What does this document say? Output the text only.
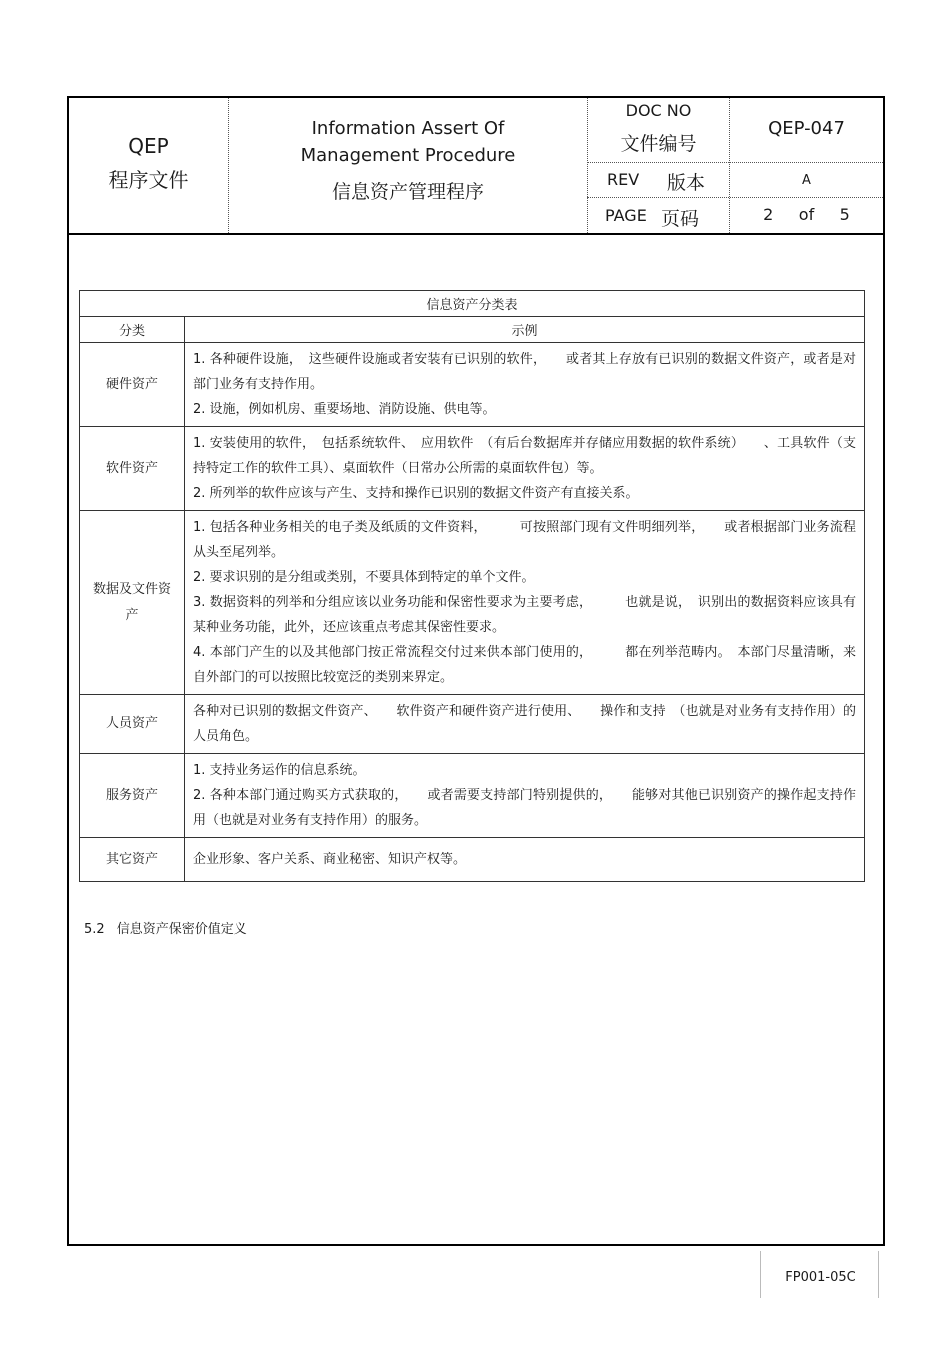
QEP
程序文件
Information Assert Of
Management Procedure
信息资产管理程序
DOC NO
文件编号
QEP-047
REV 版本	A
PAGE 页码	2 of 5
信息资产分类表	
分类	示例
硬件资产	1. 各种硬件设施，　这些硬件设施或者安装有已识别的软件，　　或者其上存放有已识别的数据文件资产，或者是对部门业务有支持作用。
2. 设施，例如机房、重要场地、消防设施、供电等。

软件资产	1. 安装使用的软件，　包括系统软件、　应用软件　（有后台数据库并存储应用数据的软件系统）　　、工具软件（支持特定工作的软件工具）、桌面软件（日常办公所需的桌面软件包）等。
2. 所列举的软件应该与产生、支持和操作已识别的数据文件资产有直接关系。

数据及文件资产	1. 包括各种业务相关的电子类及纸质的文件资料，　　　可按照部门现有文件明细列举，　　或者根据部门业务流程从头至尾列举。
2. 要求识别的是分组或类别，不要具体到特定的单个文件。
3. 数据资料的列举和分组应该以业务功能和保密性要求为主要考虑，　　　也就是说，　识别出的数据资料应该具有某种业务功能，此外，还应该重点考虑其保密性要求。
4. 本部门产生的以及其他部门按正常流程交付过来供本部门使用的，　　　都在列举范畴内。　本部门尽量清晰，来自外部门的可以按照比较宽泛的类别来界定。

人员资产	各种对已识别的数据文件资产、　　软件资产和硬件资产进行使用、　　操作和支持　（也就是对业务有支持作用）的人员角色。

服务资产	1. 支持业务运作的信息系统。
2. 各种本部门通过购买方式获取的，　　或者需要支持部门特别提供的，　　能够对其他已识别资产的操作起支持作用（也就是对业务有支持作用）的服务。

其它资产	企业形象、客户关系、商业秘密、知识产权等。
5.2 信息资产保密价值定义
FP001-05C
